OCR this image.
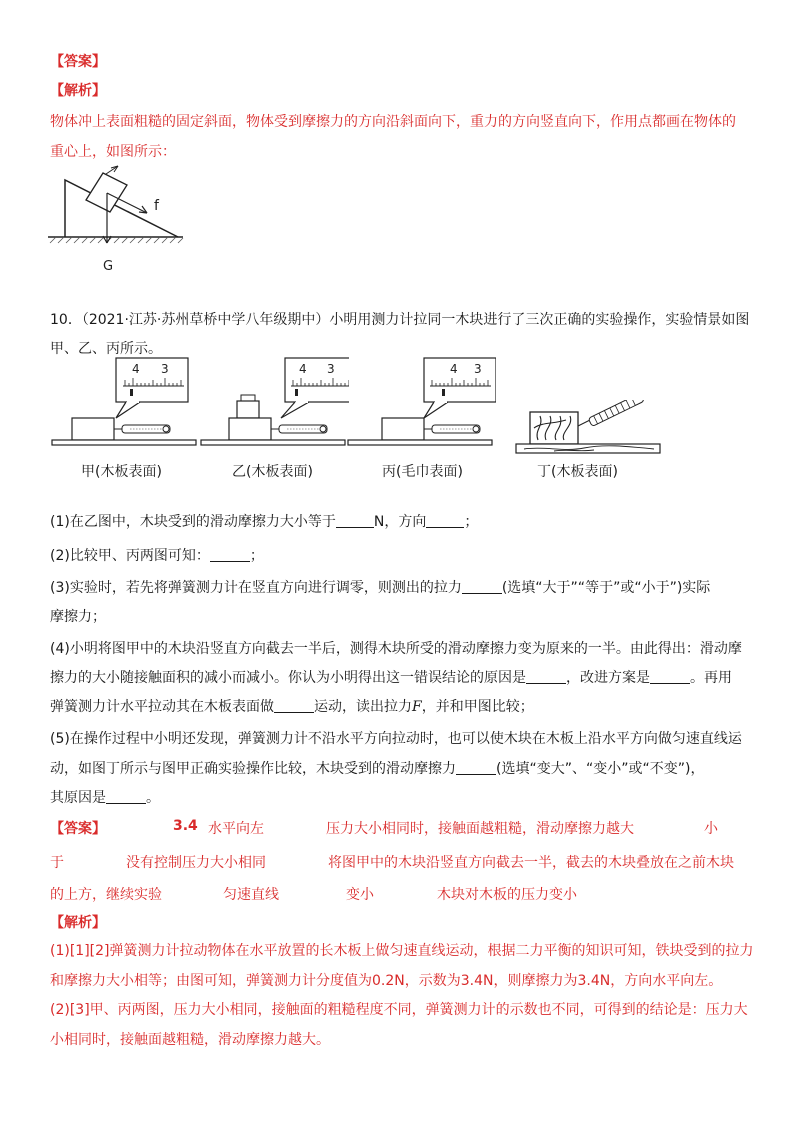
【答案】
【解析】
物体冲上表面粗糙的固定斜面，物体受到摩擦力的方向沿斜面向下，重力的方向竖直向下，作用点都画在物体的
重心上，如图所示：
f
G
10．（2021·江苏·苏州草桥中学八年级期中）小明用测力计拉同一木块进行了三次正确的实验操作，实验情景如图
甲、乙、丙所示。
4 3
甲(木板表面)
4 3
乙(木板表面)
4 3
丙(毛巾表面)	丁(木板表面)
(1)在乙图中，木块受到的滑动摩擦力大小等于	N，方向	；
(2)比较甲、丙两图可知：	；
(3)实验时，若先将弹簧测力计在竖直方向进行调零，则测出的拉力	(选填“大于”“等于”或“小于”)实际
摩擦力；
(4)小明将图甲中的木块沿竖直方向截去一半后，测得木块所受的滑动摩擦力变为原来的一半。由此得出：滑动摩
擦力的大小随接触面积的减小而减小。你认为小明得出这一错误结论的原因是	，改进方案是	。再用
弹簧测力计水平拉动其在木板表面做	运动，读出拉力F，并和甲图比较；
(5)在操作过程中小明还发现，弹簧测力计不沿水平方向拉动时，也可以使木块在木板上沿水平方向做匀速直线运
动，如图丁所示与图甲正确实验操作比较，木块受到的滑动摩擦力	(选填“变大”、“变小”或“不变”)，
其原因是	。
【答案】	3.4 水平向左	压力大小相同时，接触面越粗糙，滑动摩擦力越大	小
于	没有控制压力大小相同	将图甲中的木块沿竖直方向截去一半，截去的木块叠放在之前木块
的上方，继续实验	匀速直线	变小	木块对木板的压力变小
【解析】
(1)[1][2]弹簧测力计拉动物体在水平放置的长木板上做匀速直线运动，根据二力平衡的知识可知，铁块受到的拉力
和摩擦力大小相等；由图可知，弹簧测力计分度值为0.2N，示数为3.4N，则摩擦力为3.4N，方向水平向左。
(2)[3]甲、丙两图，压力大小相同，接触面的粗糙程度不同，弹簧测力计的示数也不同，可得到的结论是：压力大
小相同时，接触面越粗糙，滑动摩擦力越大。
